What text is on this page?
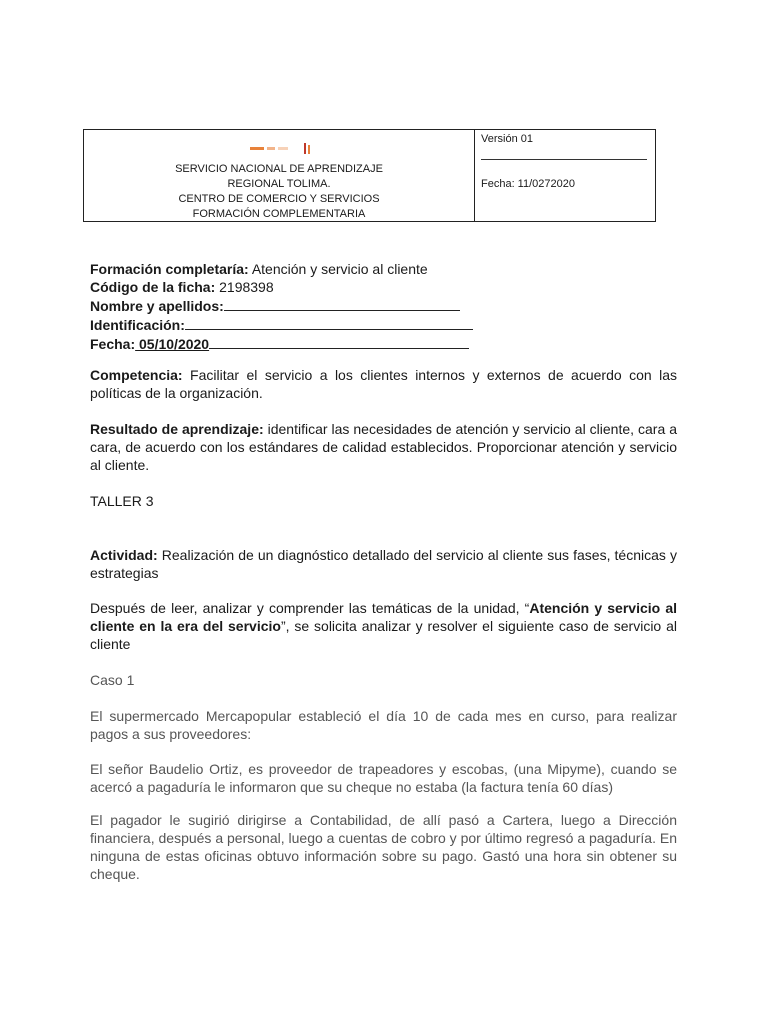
SERVICIO NACIONAL DE APRENDIZAJE
REGIONAL TOLIMA.
CENTRO DE COMERCIO Y SERVICIOS
FORMACIÓN COMPLEMENTARIA
Versión 01
Fecha: 11/0272020
Formación completaría: Atención y servicio al cliente
Código de la ficha: 2198398
Nombre y apellidos:
Identificación:
Fecha: 05/10/2020

Competencia: Facilitar el servicio a los clientes internos y externos de acuerdo con las políticas de la organización.

Resultado de aprendizaje: identificar las necesidades de atención y servicio al cliente, cara a cara, de acuerdo con los estándares de calidad establecidos. Proporcionar atención y servicio al cliente.

TALLER 3

Actividad: Realización de un diagnóstico detallado del servicio al cliente sus fases, técnicas y estrategias

Después de leer, analizar y comprender las temáticas de la unidad, “Atención y servicio al cliente en la era del servicio”, se solicita analizar y resolver el siguiente caso de servicio al cliente

Caso 1

El supermercado Mercapopular estableció el día 10 de cada mes en curso, para realizar pagos a sus proveedores:

El señor Baudelio Ortiz, es proveedor de trapeadores y escobas, (una Mipyme), cuando se acercó a pagaduría le informaron que su cheque no estaba (la factura tenía 60 días)

El pagador le sugirió dirigirse a Contabilidad, de allí pasó a Cartera, luego a Dirección financiera, después a personal, luego a cuentas de cobro y por último regresó a pagaduría. En ninguna de estas oficinas obtuvo información sobre su pago. Gastó una hora sin obtener su cheque.
